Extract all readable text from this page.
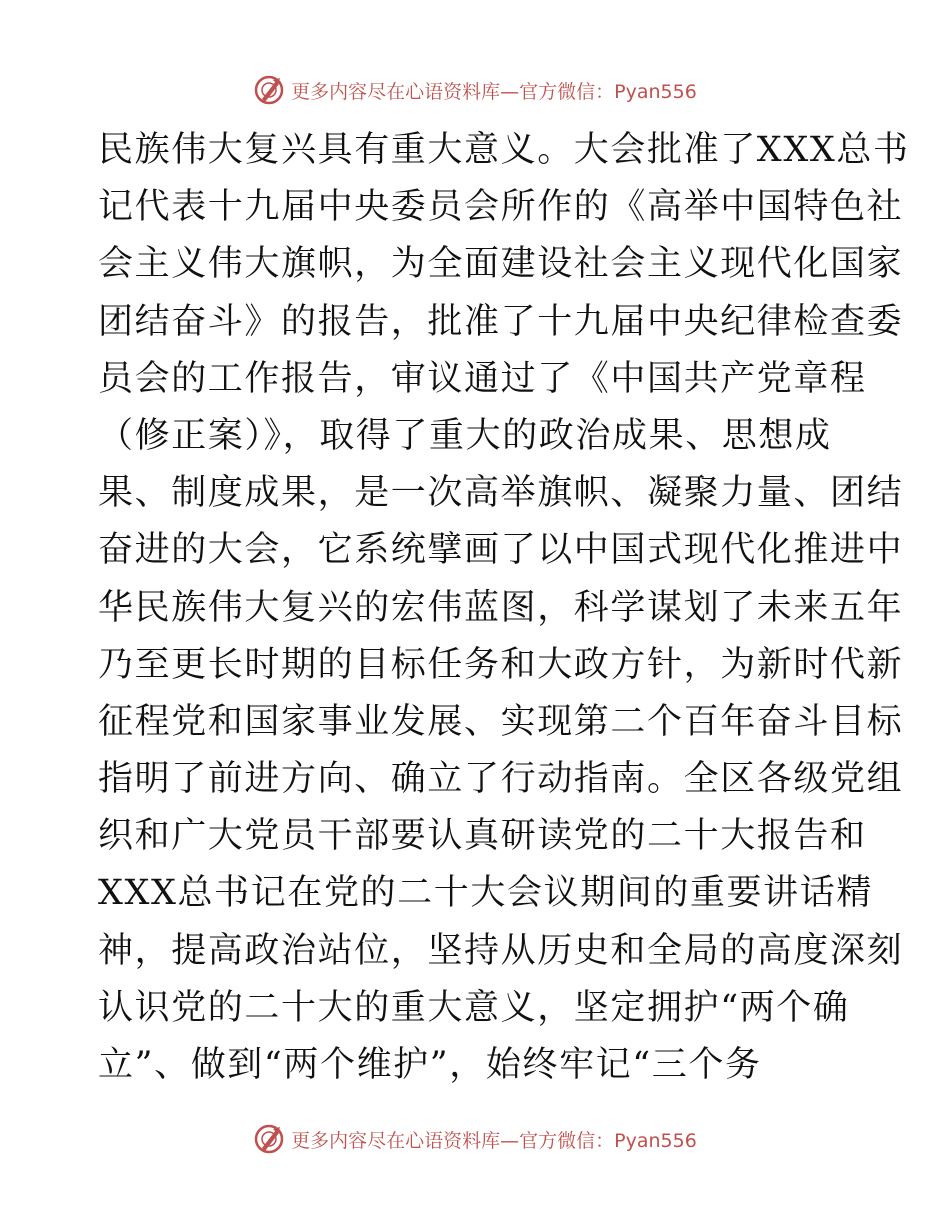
更多内容尽在心语资料库—官方微信：Pyan556
民族伟大复兴具有重大意义。大会批准了XXX总书
记代表十九届中央委员会所作的《高举中国特色社
会主义伟大旗帜，为全面建设社会主义现代化国家
团结奋斗》的报告，批准了十九届中央纪律检查委
员会的工作报告，审议通过了《中国共产党章程
（修正案）》，取得了重大的政治成果、思想成
果、制度成果，是一次高举旗帜、凝聚力量、团结
奋进的大会，它系统擘画了以中国式现代化推进中
华民族伟大复兴的宏伟蓝图，科学谋划了未来五年
乃至更长时期的目标任务和大政方针，为新时代新
征程党和国家事业发展、实现第二个百年奋斗目标
指明了前进方向、确立了行动指南。全区各级党组
织和广大党员干部要认真研读党的二十大报告和
XXX总书记在党的二十大会议期间的重要讲话精
神，提高政治站位，坚持从历史和全局的高度深刻
认识党的二十大的重大意义，坚定拥护“两个确
立”、做到“两个维护”，始终牢记“三个务
更多内容尽在心语资料库—官方微信：Pyan556
